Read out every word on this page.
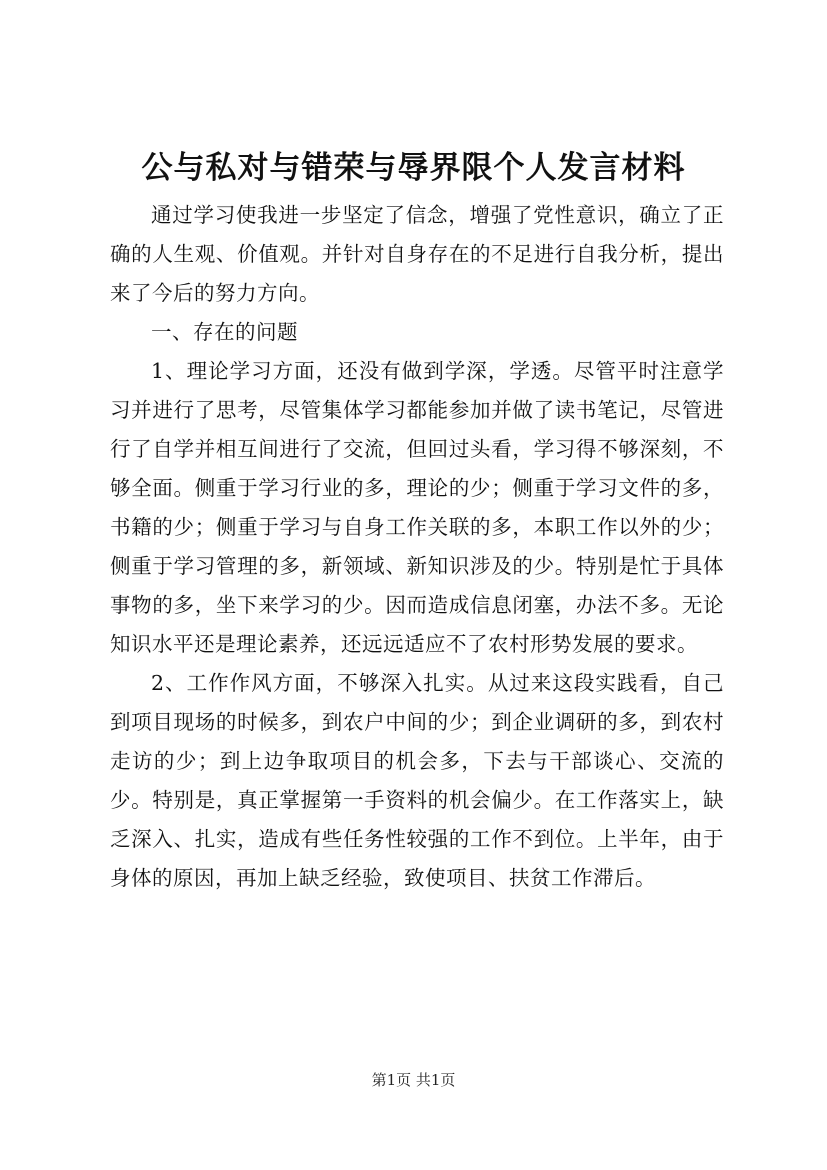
公与私对与错荣与辱界限个人发言材料

通过学习使我进一步坚定了信念，增强了党性意识，确立了正确的人生观、价值观。并针对自身存在的不足进行自我分析，提出来了今后的努力方向。

一、存在的问题

1、理论学习方面，还没有做到学深，学透。尽管平时注意学习并进行了思考，尽管集体学习都能参加并做了读书笔记，尽管进行了自学并相互间进行了交流，但回过头看，学习得不够深刻，不够全面。侧重于学习行业的多，理论的少；侧重于学习文件的多，书籍的少；侧重于学习与自身工作关联的多，本职工作以外的少；侧重于学习管理的多，新领域、新知识涉及的少。特别是忙于具体事物的多，坐下来学习的少。因而造成信息闭塞，办法不多。无论知识水平还是理论素养，还远远适应不了农村形势发展的要求。

2、工作作风方面，不够深入扎实。从过来这段实践看，自己到项目现场的时候多，到农户中间的少；到企业调研的多，到农村走访的少；到上边争取项目的机会多，下去与干部谈心、交流的少。特别是，真正掌握第一手资料的机会偏少。在工作落实上，缺乏深入、扎实，造成有些任务性较强的工作不到位。上半年，由于身体的原因，再加上缺乏经验，致使项目、扶贫工作滞后。

第1页 共1页
